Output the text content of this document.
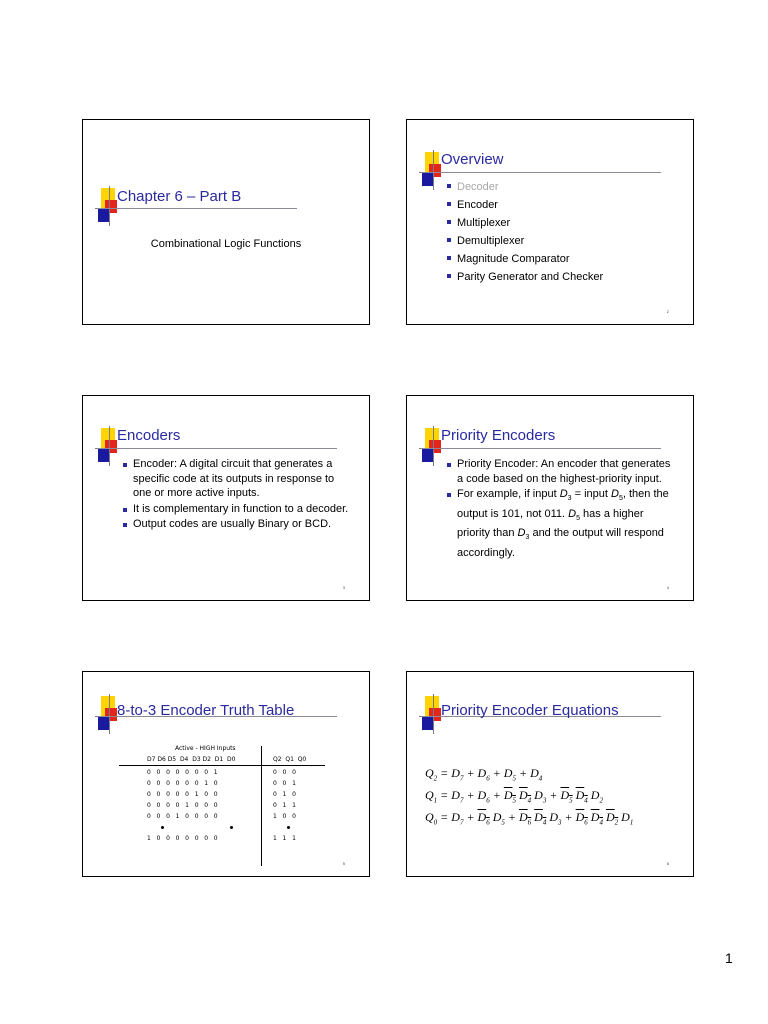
Chapter 6 – Part B
Combinational Logic Functions
Overview
Decoder
Encoder
Multiplexer
Demultiplexer
Magnitude Comparator
Parity Generator and Checker
2
Encoders
Encoder: A digital circuit that generates a specific code at its outputs in response to one or more active inputs.
It is complementary in function to a decoder.
Output codes are usually Binary or BCD.
3
Priority Encoders
Priority Encoder: An encoder that generates a code based on the highest-priority input.
For example, if input $D_3$ = input $D_5$, then the output is 101, not 011. $D_5$ has a higher priority than $D_3$ and the output will respond accordingly.
4
8-to-3 Encoder Truth Table
Active - HIGH Inputs
D7 D6 D5  D4  D3 D2  D1  D0	Q2  Q1  Q0
0   0   0   0   0   0   0   1
0   0   0   0   0   0   1   0
0   0   0   0   0   1   0   0
0   0   0   0   1   0   0   0
0   0   0   1   0   0   0   0
1   0   0   0   0   0   0   0
0   0   0
0   0   1
0   1   0
0   1   1
1   0   0
1   1   1
5
Priority Encoder Equations
$Q_2 = D_7 + D_6 + D_5 + D_4$
$Q_1 = D_7 + D_6 + D_5$ $D_4$ $D_3 + D_5$ $D_4$ $D_2$
$Q_0 = D_7 + D_6$ $D_5 + D_6$ $D_4$ $D_3 + D_6$ $D_4$ $D_2$ $D_1$
6
1
